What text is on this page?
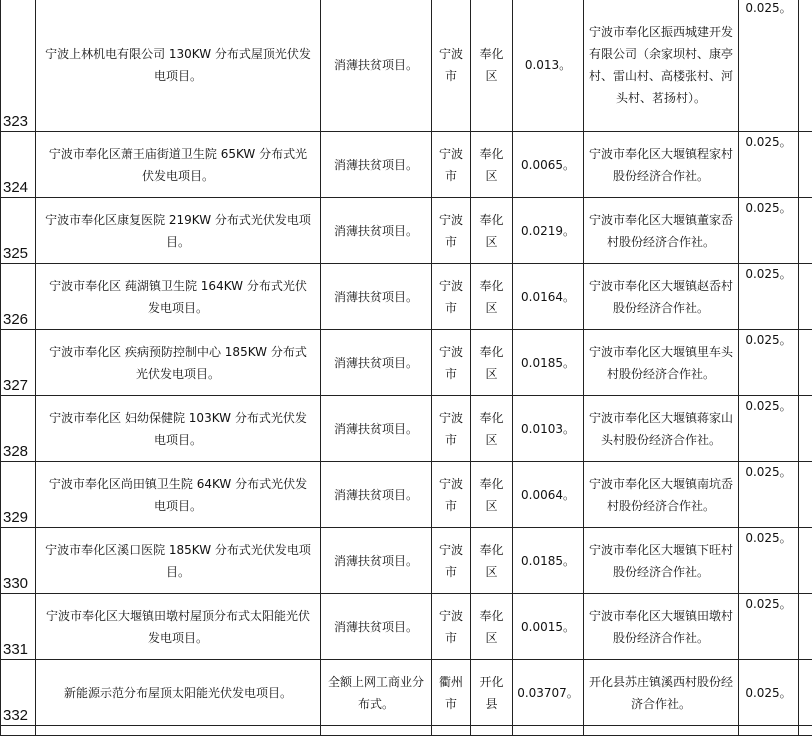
323	宁波上林机电有限公司 130KW 分布式屋顶光伏发电项目。	消薄扶贫项目。	宁波市	奉化区	0.013。	宁波市奉化区振西城建开发有限公司（余家坝村、康亭村、雷山村、高楼张村、河头村、茗扬村）。	0.025。	
324	宁波市奉化区萧王庙街道卫生院 65KW 分布式光伏发电项目。	消薄扶贫项目。	宁波市	奉化区	0.0065。	宁波市奉化区大堰镇程家村股份经济合作社。	0.025。	
325	宁波市奉化区康复医院 219KW 分布式光伏发电项目。	消薄扶贫项目。	宁波市	奉化区	0.0219。	宁波市奉化区大堰镇董家岙村股份经济合作社。	0.025。	
326	宁波市奉化区 莼湖镇卫生院 164KW 分布式光伏发电项目。	消薄扶贫项目。	宁波市	奉化区	0.0164。	宁波市奉化区大堰镇赵岙村股份经济合作社。	0.025。	
327	宁波市奉化区 疾病预防控制中心 185KW 分布式光伏发电项目。	消薄扶贫项目。	宁波市	奉化区	0.0185。	宁波市奉化区大堰镇里车头村股份经济合作社。	0.025。	
328	宁波市奉化区 妇幼保健院 103KW 分布式光伏发电项目。	消薄扶贫项目。	宁波市	奉化区	0.0103。	宁波市奉化区大堰镇蒋家山头村股份经济合作社。	0.025。	
329	宁波市奉化区尚田镇卫生院 64KW 分布式光伏发电项目。	消薄扶贫项目。	宁波市	奉化区	0.0064。	宁波市奉化区大堰镇南坑岙村股份经济合作社。	0.025。	
330	宁波市奉化区溪口医院 185KW 分布式光伏发电项目。	消薄扶贫项目。	宁波市	奉化区	0.0185。	宁波市奉化区大堰镇下旺村股份经济合作社。	0.025。	
331	宁波市奉化区大堰镇田墩村屋顶分布式太阳能光伏发电项目。	消薄扶贫项目。	宁波市	奉化区	0.0015。	宁波市奉化区大堰镇田墩村股份经济合作社。	0.025。	
332	新能源示范分布屋顶太阳能光伏发电项目。	全额上网工商业分布式。	衢州市	开化县	0.03707。	开化县苏庄镇溪西村股份经济合作社。	0.025。	
